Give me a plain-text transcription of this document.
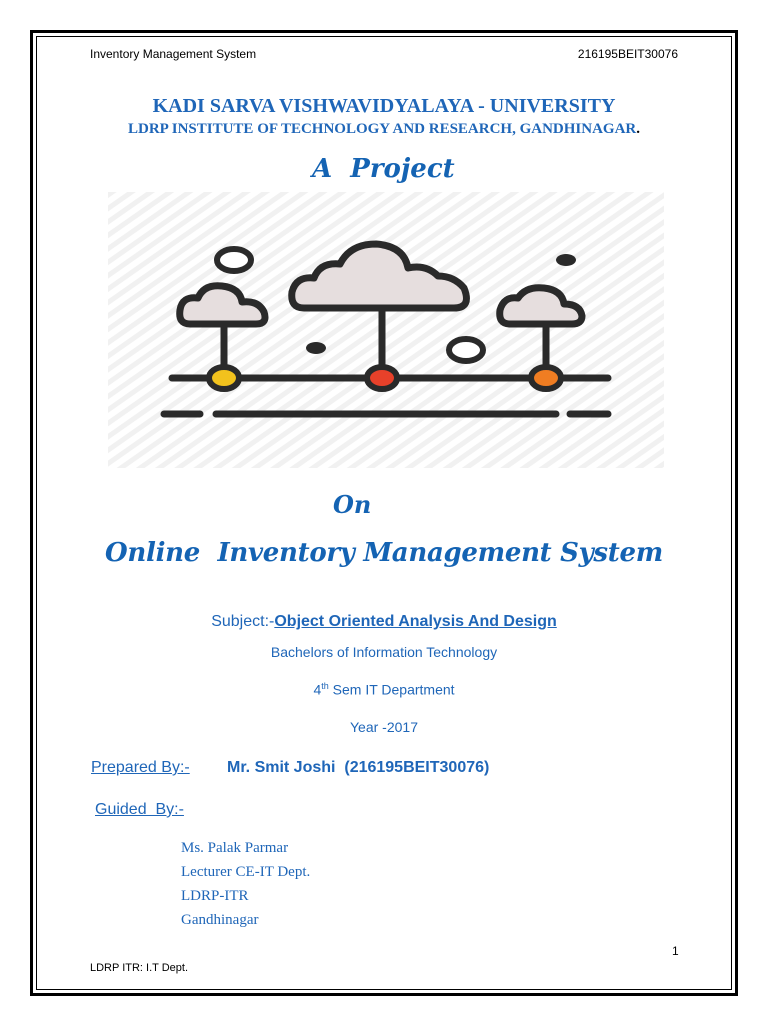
Inventory Management System	216195BEIT30076
KADI SARVA VISHWAVIDYALAYA - UNIVERSITY
LDRP INSTITUTE OF TECHNOLOGY AND RESEARCH, GANDHINAGAR.
A  Project
On
Online  Inventory Management System
Subject:-Object Oriented Analysis And Design
Bachelors of Information Technology
4th Sem IT Department
Year -2017
Prepared By:- Mr. Smit Joshi  (216195BEIT30076)
Guided  By:-
Ms. Palak Parmar
Lecturer CE-IT Dept.
LDRP-ITR
Gandhinagar
1
LDRP ITR: I.T Dept.
